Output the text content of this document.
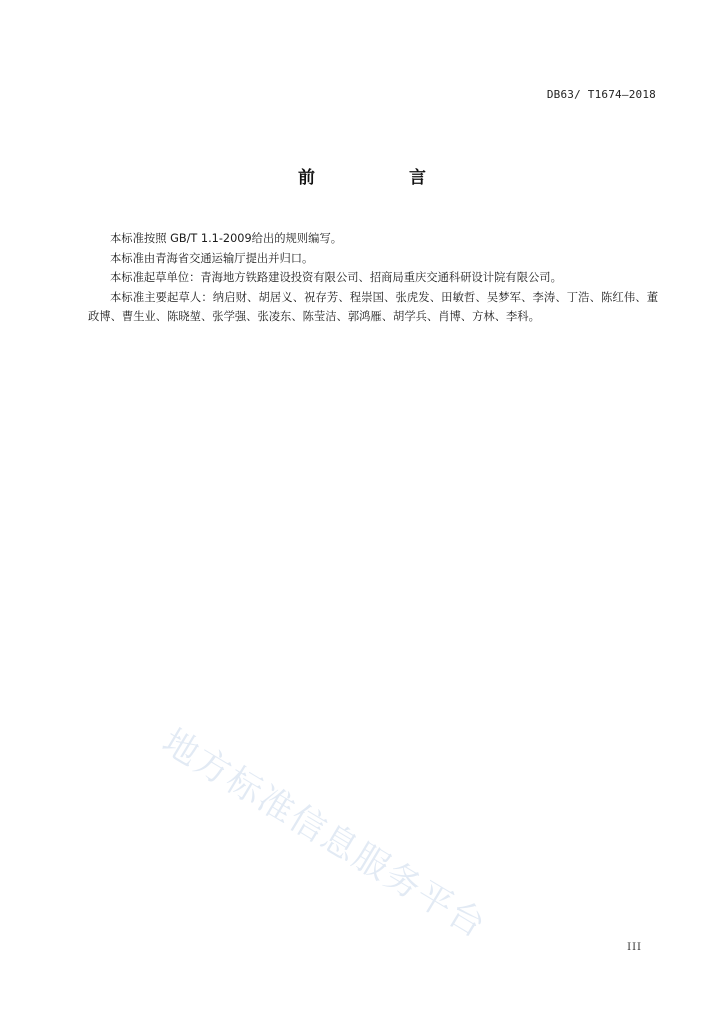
DB63/ T1674—2018
前 言

本标准按照 GB/T 1.1-2009给出的规则编写。

本标准由青海省交通运输厅提出并归口。

本标准起草单位：青海地方铁路建设投资有限公司、招商局重庆交通科研设计院有限公司。

本标准主要起草人：纳启财、胡居义、祝存芳、程崇国、张虎发、田敏哲、吴梦军、李涛、丁浩、陈红伟、董政博、曹生业、陈晓堃、张学强、张凌东、陈莹洁、郭鸿雁、胡学兵、肖博、方林、李科。

地方标准信息服务平台
III
